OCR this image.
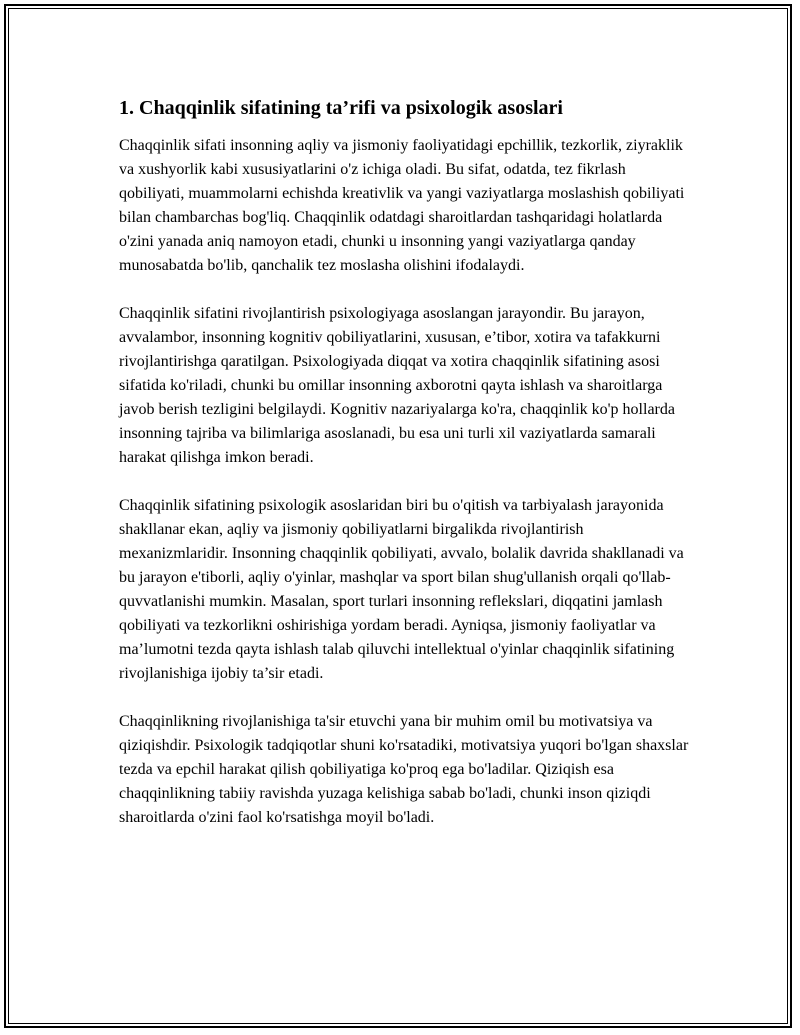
1. Chaqqinlik sifatining ta’rifi va psixologik asoslari

Chaqqinlik sifati insonning aqliy va jismoniy faoliyatidagi epchillik, tezkorlik, ziyraklik va xushyorlik kabi xususiyatlarini o'z ichiga oladi. Bu sifat, odatda, tez fikrlash qobiliyati, muammolarni echishda kreativlik va yangi vaziyatlarga moslashish qobiliyati bilan chambarchas bog'liq. Chaqqinlik odatdagi sharoitlardan tashqaridagi holatlarda o'zini yanada aniq namoyon etadi, chunki u insonning yangi vaziyatlarga qanday munosabatda bo'lib, qanchalik tez moslasha olishini ifodalaydi.

Chaqqinlik sifatini rivojlantirish psixologiyaga asoslangan jarayondir. Bu jarayon, avvalambor, insonning kognitiv qobiliyatlarini, xususan, e’tibor, xotira va tafakkurni rivojlantirishga qaratilgan. Psixologiyada diqqat va xotira chaqqinlik sifatining asosi sifatida ko'riladi, chunki bu omillar insonning axborotni qayta ishlash va sharoitlarga javob berish tezligini belgilaydi. Kognitiv nazariyalarga ko'ra, chaqqinlik ko'p hollarda insonning tajriba va bilimlariga asoslanadi, bu esa uni turli xil vaziyatlarda samarali harakat qilishga imkon beradi.

Chaqqinlik sifatining psixologik asoslaridan biri bu o'qitish va tarbiyalash jarayonida shakllanar ekan, aqliy va jismoniy qobiliyatlarni birgalikda rivojlantirish mexanizmlaridir. Insonning chaqqinlik qobiliyati, avvalo, bolalik davrida shakllanadi va bu jarayon e'tiborli, aqliy o'yinlar, mashqlar va sport bilan shug'ullanish orqali qo'llab-quvvatlanishi mumkin. Masalan, sport turlari insonning reflekslari, diqqatini jamlash qobiliyati va tezkorlikni oshirishiga yordam beradi. Ayniqsa, jismoniy faoliyatlar va ma’lumotni tezda qayta ishlash talab qiluvchi intellektual o'yinlar chaqqinlik sifatining rivojlanishiga ijobiy ta’sir etadi.

Chaqqinlikning rivojlanishiga ta'sir etuvchi yana bir muhim omil bu motivatsiya va qiziqishdir. Psixologik tadqiqotlar shuni ko'rsatadiki, motivatsiya yuqori bo'lgan shaxslar tezda va epchil harakat qilish qobiliyatiga ko'proq ega bo'ladilar. Qiziqish esa chaqqinlikning tabiiy ravishda yuzaga kelishiga sabab bo'ladi, chunki inson qiziqdi sharoitlarda o'zini faol ko'rsatishga moyil bo'ladi.
